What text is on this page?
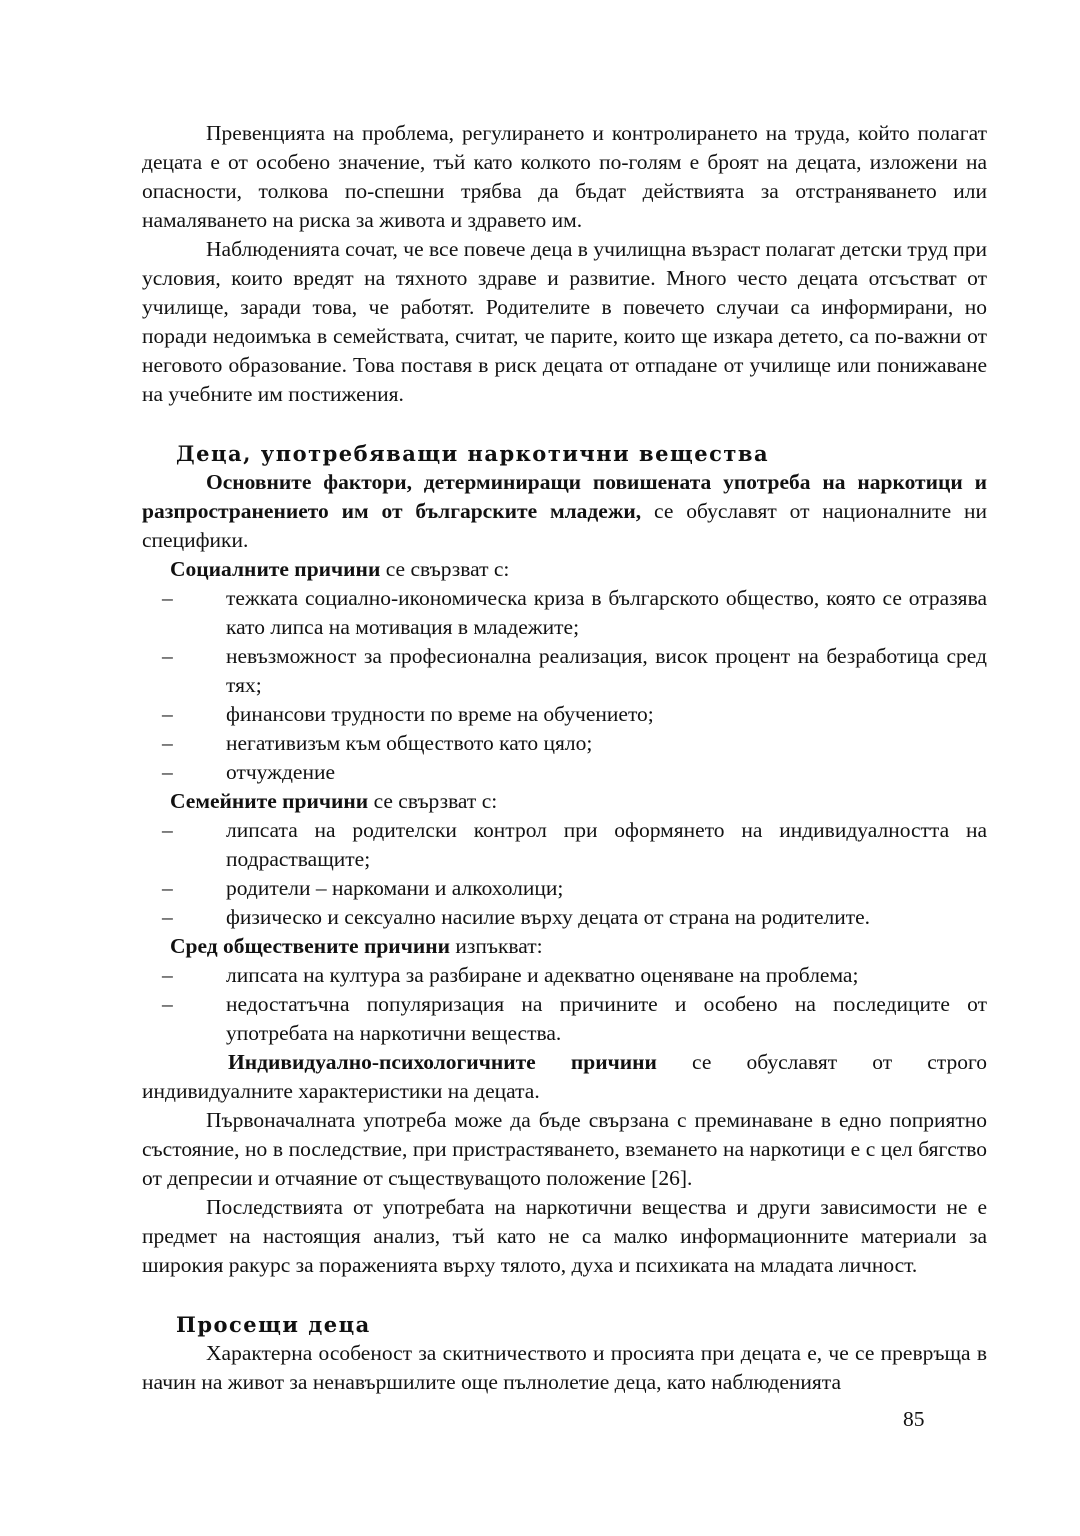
Превенцията на проблема, регулирането и контролирането на труда, който полагат децата е от особено значение, тъй като колкото по-голям е броят на децата, изложени на опасности, толкова по-спешни трябва да бъдат действията за отстраняването или намаляването на риска за живота и здравето им.

Наблюденията сочат, че все повече деца в училищна възраст полагат детски труд при условия, които вредят на тяхното здраве и развитие. Много често децата отсъстват от училище, заради това, че работят. Родителите в повечето случаи са информирани, но поради недоимъка в семействата, считат, че парите, които ще изкара детето, са по-важни от неговото образование. Това поставя в риск децата от отпадане от училище или понижаване на учебните им постижения.

Деца, употребяващи наркотични вещества

Основните фактори, детерминиращи повишената употреба на наркотици и разпространението им от българските младежи, се обуславят от националните ни специфики.

Социалните причини се свързват с:

– тежката социално-икономическа криза в българското общество, която се отразява като липса на мотивация в младежите;
– невъзможност за професионална реализация, висок процент на безработица сред тях;
– финансови трудности по време на обучението;
– негативизъм към обществото като цяло;
– отчуждение

Семейните причини се свързват с:

– липсата на родителски контрол при оформянето на индивидуалността на подрастващите;
– родители – наркомани и алкохолици;
– физическо и сексуално насилие върху децата от страна на родителите.

Сред обществените причини изпъкват:

– липсата на култура за разбиране и адекватно оценяване на проблема;
– недостатъчна популяризация на причините и особено на последиците от употребата на наркотични вещества.

Индивидуално-психологичните причини се обуславят от строго индивидуалните характеристики на децата.

Първоначалната употреба може да бъде свързана с преминаване в едно поприятно състояние, но в последствие, при пристрастяването, вземането на наркотици е с цел бягство от депресии и отчаяние от съществуващото положение [26].

Последствията от употребата на наркотични вещества и други зависимости не е предмет на настоящия анализ, тъй като не са малко информационните материали за широкия ракурс за пораженията върху тялото, духа и психиката на младата личност.

Просещи деца

Характерна особеност за скитничеството и просията при децата е, че се превръща в начин на живот за ненавършилите още пълнолетие деца, като наблюденията

85
